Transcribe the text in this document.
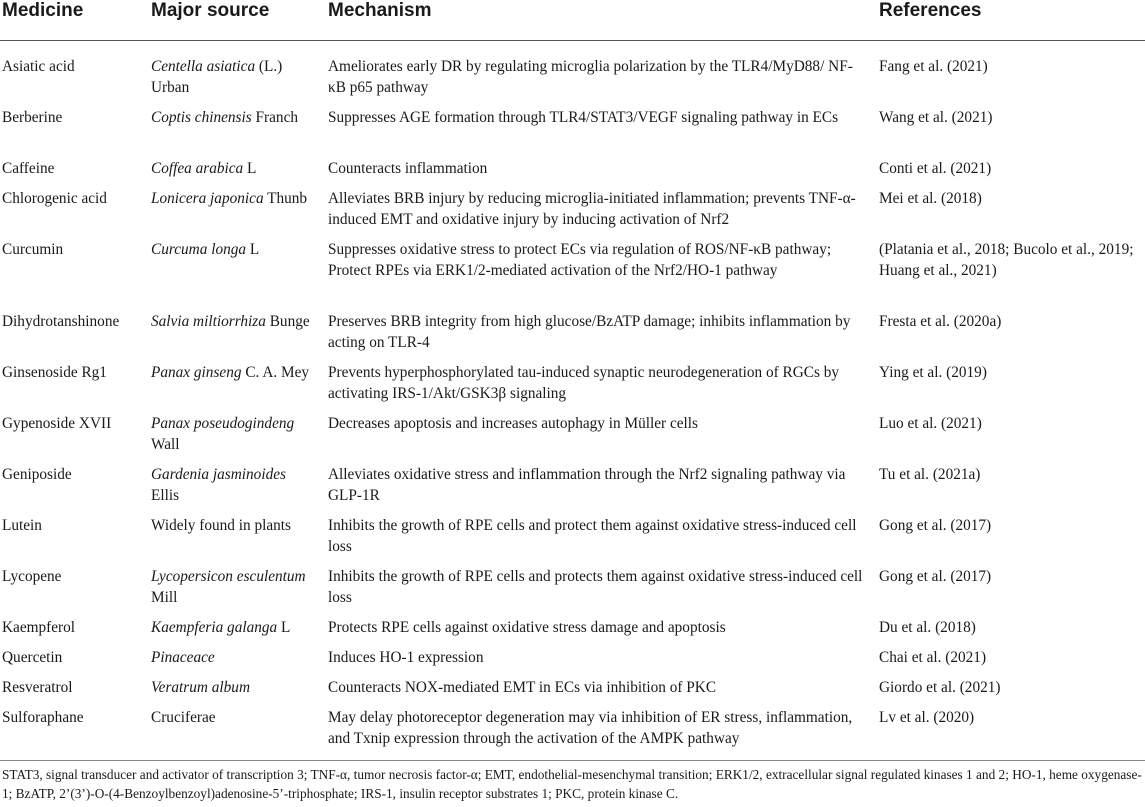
Medicine	Major source	Mechanism	References

Asiatic acid	Centella asiatica (L.) Urban	Ameliorates early DR by regulating microglia polarization by the TLR4/MyD88/ NF-κB p65 pathway	Fang et al. (2021)
Berberine	Coptis chinensis Franch	Suppresses AGE formation through TLR4/STAT3/VEGF signaling pathway in ECs	Wang et al. (2021)
Caffeine	Coffea arabica L	Counteracts inflammation	Conti et al. (2021)
Chlorogenic acid	Lonicera japonica Thunb	Alleviates BRB injury by reducing microglia-initiated inflammation; prevents TNF-α-induced EMT and oxidative injury by inducing activation of Nrf2	Mei et al. (2018)
Curcumin	Curcuma longa L	Suppresses oxidative stress to protect ECs via regulation of ROS/NF-κB pathway; Protect RPEs via ERK1/2-mediated activation of the Nrf2/HO-1 pathway	(Platania et al., 2018; Bucolo et al., 2019; Huang et al., 2021)
Dihydrotanshinone	Salvia miltiorrhiza Bunge	Preserves BRB integrity from high glucose/BzATP damage; inhibits inflammation by acting on TLR-4	Fresta et al. (2020a)
Ginsenoside Rg1	Panax ginseng C. A. Mey	Prevents hyperphosphorylated tau-induced synaptic neurodegeneration of RGCs by activating IRS-1/Akt/GSK3β signaling	Ying et al. (2019)
Gypenoside XVII	Panax poseudogindeng Wall	Decreases apoptosis and increases autophagy in Müller cells	Luo et al. (2021)
Geniposide	Gardenia jasminoides Ellis	Alleviates oxidative stress and inflammation through the Nrf2 signaling pathway via GLP-1R	Tu et al. (2021a)
Lutein	Widely found in plants	Inhibits the growth of RPE cells and protect them against oxidative stress-induced cell loss	Gong et al. (2017)
Lycopene	Lycopersicon esculentum Mill	Inhibits the growth of RPE cells and protects them against oxidative stress-induced cell loss	Gong et al. (2017)
Kaempferol	Kaempferia galanga L	Protects RPE cells against oxidative stress damage and apoptosis	Du et al. (2018)
Quercetin	Pinaceace	Induces HO-1 expression	Chai et al. (2021)
Resveratrol	Veratrum album	Counteracts NOX-mediated EMT in ECs via inhibition of PKC	Giordo et al. (2021)
Sulforaphane	Cruciferae	May delay photoreceptor degeneration may via inhibition of ER stress, inflammation, and Txnip expression through the activation of the AMPK pathway	Lv et al. (2020)
STAT3, signal transducer and activator of transcription 3; TNF-α, tumor necrosis factor-α; EMT, endothelial-mesenchymal transition; ERK1/2, extracellular signal regulated kinases 1 and 2; HO-1, heme oxygenase-1; BzATP, 2’(3’)-O-(4-Benzoylbenzoyl)adenosine-5’-triphosphate; IRS-1, insulin receptor substrates 1; PKC, protein kinase C.
